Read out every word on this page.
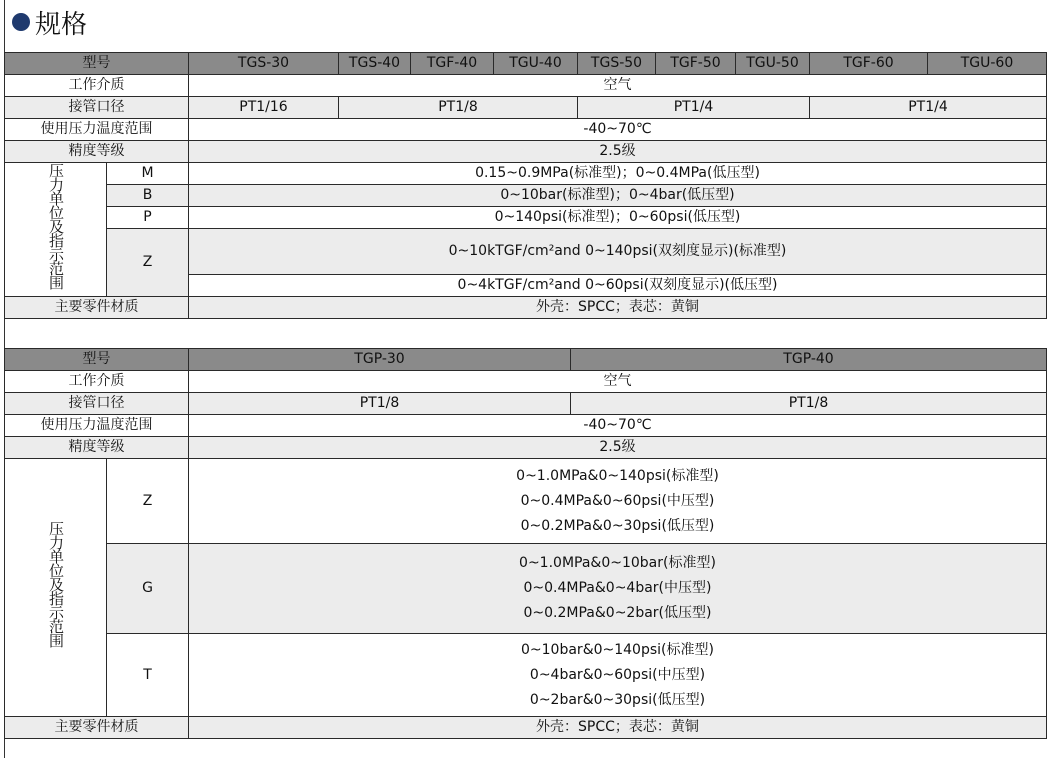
规格
型号		TGS-30	TGS-40	TGF-40	TGU-40	TGS-50	TGF-50	TGU-50	TGF-60	TGU-60
工作介质		空气								
接管口径		PT1/16	PT1/8			PT1/4			PT1/4	
使用压力温度范围		-40~70℃								
精度等级		2.5级								
压力单位及指示范围	M	0.15~0.9MPa(标准型)；0~0.4MPa(低压型)								
	B	0~10bar(标准型)；0~4bar(低压型)								
	P	0~140psi(标准型)；0~60psi(低压型)								
	Z	0~10kTGF/cm²and 0~140psi(双刻度显示)(标准型)								
		0~4kTGF/cm²and 0~60psi(双刻度显示)(低压型)								
主要零件材质		外壳：SPCC；表芯：黄铜								
型号		TGP-30	TGP-40
工作介质		空气	
接管口径		PT1/8	PT1/8
使用压力温度范围		-40~70℃	
精度等级		2.5级	
压力单位及指示范围	Z	0~1.0MPa&0~140psi(标准型)
0~0.4MPa&0~60psi(中压型)
0~0.2MPa&0~30psi(低压型)	

	G	0~1.0MPa&0~10bar(标准型)
0~0.4MPa&0~4bar(中压型)
0~0.2MPa&0~2bar(低压型)	

	T	0~10bar&0~140psi(标准型)
0~4bar&0~60psi(中压型)
0~2bar&0~30psi(低压型)	

主要零件材质		外壳：SPCC；表芯：黄铜	
